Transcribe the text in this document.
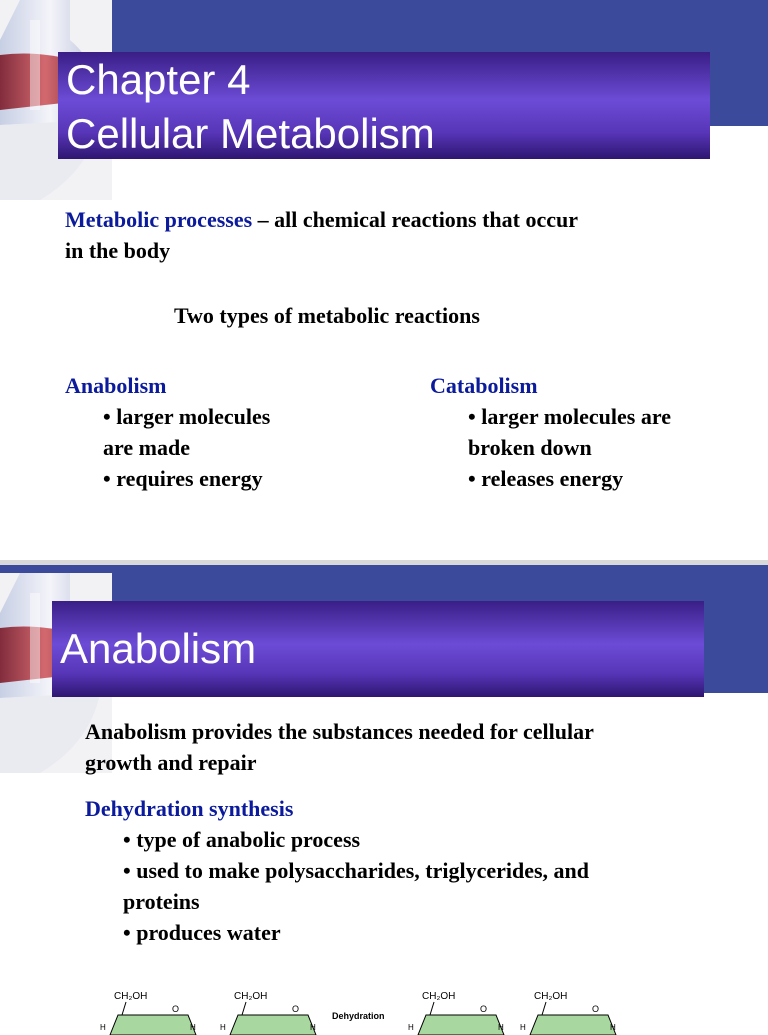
Chapter 4
Cellular Metabolism
Metabolic processes – all chemical reactions that occur
in the body
Two types of metabolic reactions
Anabolism
• larger molecules
are made
• requires energy
Catabolism
• larger molecules are
broken down
• releases energy
Anabolism
Anabolism provides the substances needed for cellular
growth and repair
Dehydration synthesis
• type of anabolic process
• used to make polysaccharides, triglycerides, and
proteins
• produces water
CH₂OH
O
H	H
CH₂OH
O
H	H
Dehydration
CH₂OH
O
H	H
CH₂OH
O
H	H
